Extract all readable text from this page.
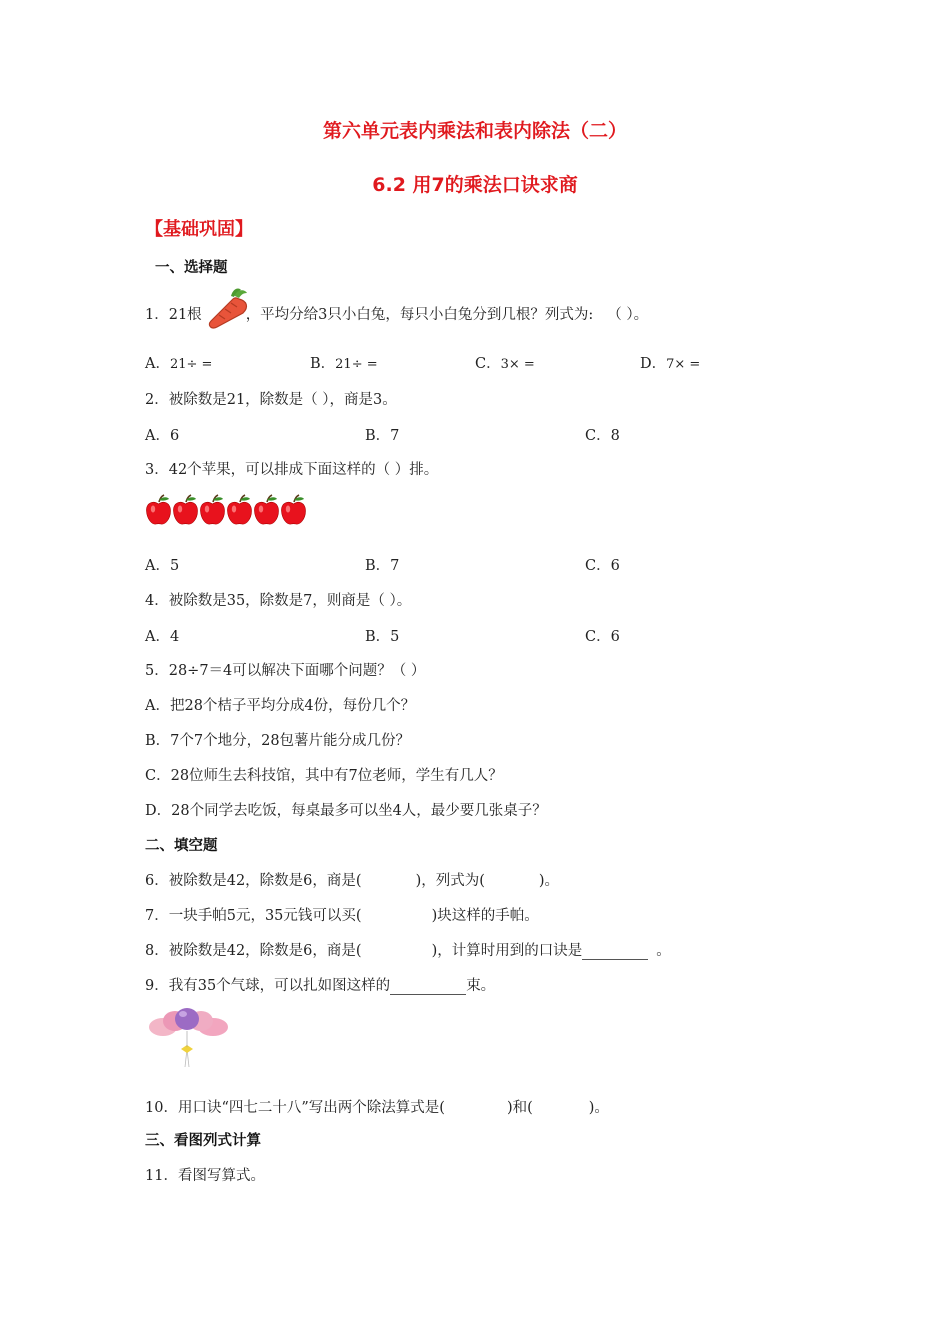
第六单元表内乘法和表内除法（二）
6.2 用7的乘法口诀求商
【基础巩固】
一、选择题
1．21根	，平均分给3只小白兔，每只小白兔分到几根？列式为: （ ）。
A．21÷ =	B．21÷ =	C．3× =	D．7× =
2．被除数是21，除数是（ ），商是3。
A．6	B．7	C．8
3．42个苹果，可以排成下面这样的（ ）排。
A．5	B．7	C．6
4．被除数是35，除数是7，则商是（ ）。
A．4	B．5	C．6
5．28÷7＝4可以解决下面哪个问题？（ ）
A．把28个桔子平均分成4份，每份几个？
B．7个7个地分，28包薯片能分成几份？
C．28位师生去科技馆，其中有7位老师，学生有几人？
D．28个同学去吃饭，每桌最多可以坐4人，最少要几张桌子？
二、填空题
6．被除数是42，除数是6，商是(	)，列式为(	)。
7．一块手帕5元，35元钱可以买(	)块这样的手帕。
8．被除数是42，除数是6，商是(	)，计算时用到的口诀是	。
9．我有35个气球，可以扎如图这样的	束。
10．用口诀“四七二十八”写出两个除法算式是(	)和(	)。
三、看图列式计算
11．看图写算式。
